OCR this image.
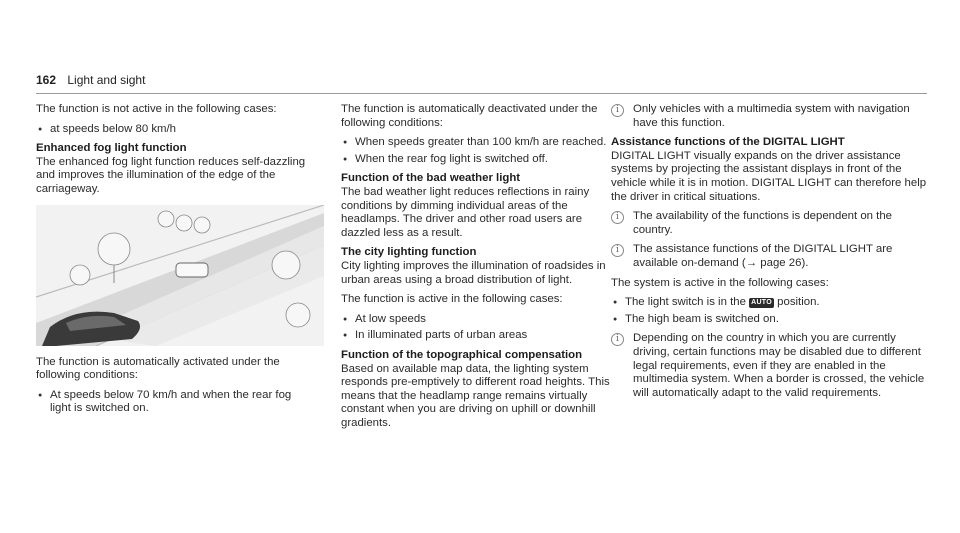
162 Light and sight

The function is not active in the following cases:

● at speeds below 80 km/h
Enhanced fog light function

The enhanced fog light function reduces self-dazzling and improves the illumination of the edge of the carriageway.

The function is automatically activated under the following conditions:

● At speeds below 70 km/h and when the rear fog light is switched on.

The function is automatically deactivated under the following conditions:

● When speeds greater than 100 km/h are reached.
● When the rear fog light is switched off.
Function of the bad weather light

The bad weather light reduces reflections in rainy conditions by dimming individual areas of the headlamps. The driver and other road users are dazzled less as a result.

The city lighting function

City lighting improves the illumination of roadsides in urban areas using a broad distribution of light.

The function is active in the following cases:

● At low speeds
● In illuminated parts of urban areas
Function of the topographical compensation

Based on available map data, the lighting system responds pre-emptively to different road heights. This means that the headlamp range remains virtually constant when you are driving on uphill or downhill gradients.

i	Only vehicles with a multimedia system with navigation have this function.
Assistance functions of the DIGITAL LIGHT

DIGITAL LIGHT visually expands on the driver assistance systems by projecting the assistant displays in front of the vehicle while it is in motion. DIGITAL LIGHT can therefore help the driver in critical situations.

i	The availability of the functions is dependent on the country.
i	The assistance functions of the DIGITAL LIGHT are available on-demand (→ page 26).

The system is active in the following cases:

● The light switch is in the AUTO position.
● The high beam is switched on.
i	Depending on the country in which you are currently driving, certain functions may be disabled due to different legal requirements, even if they are enabled in the multimedia system. When a border is crossed, the vehicle will automatically adapt to the valid requirements.
